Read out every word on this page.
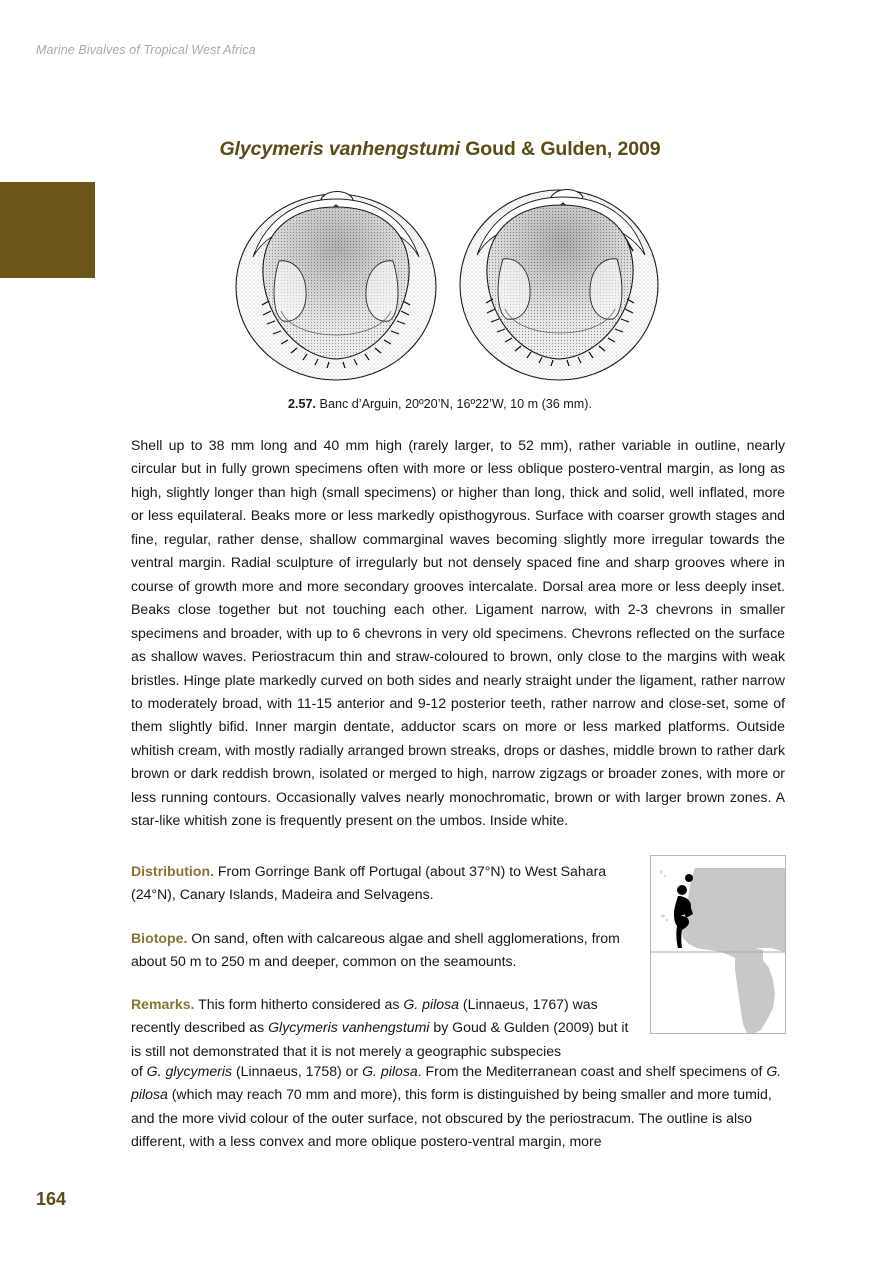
Marine Bivalves of Tropical West Africa
Glycymeris vanhengstumi Goud & Gulden, 2009
2.57. Banc d’Arguin, 20º20’N, 16º22’W, 10 m (36 mm).
Shell up to 38 mm long and 40 mm high (rarely larger, to 52 mm), rather variable in outline, nearly circular but in fully grown specimens often with more or less oblique postero-ventral margin, as long as high, slightly longer than high (small specimens) or higher than long, thick and solid, well inflated, more or less equilateral. Beaks more or less markedly opisthogyrous. Surface with coarser growth stages and fine, regular, rather dense, shallow commarginal waves becoming slightly more irregular towards the ventral margin. Radial sculpture of irregularly but not densely spaced fine and sharp grooves where in course of growth more and more secondary grooves intercalate. Dorsal area more or less deeply inset. Beaks close together but not touching each other. Ligament narrow, with 2-3 chevrons in smaller specimens and broader, with up to 6 chevrons in very old specimens. Chevrons reflected on the surface as shallow waves. Periostracum thin and straw-coloured to brown, only close to the margins with weak bristles. Hinge plate markedly curved on both sides and nearly straight under the ligament, rather narrow to moderately broad, with 11-15 anterior and 9-12 posterior teeth, rather narrow and close-set, some of them slightly bifid. Inner margin dentate, adductor scars on more or less marked platforms. Outside whitish cream, with mostly radially arranged brown streaks, drops or dashes, middle brown to rather dark brown or dark reddish brown, isolated or merged to high, narrow zigzags or broader zones, with more or less running contours. Occasionally valves nearly monochromatic, brown or with larger brown zones. A star-like whitish zone is frequently present on the umbos. Inside white.
Distribution. From Gorringe Bank off Portugal (about 37°N) to West Sahara (24°N), Canary Islands, Madeira and Selvagens.
Biotope. On sand, often with calcareous algae and shell agglomerations, from about 50 m to 250 m and deeper, common on the seamounts.
Remarks. This form hitherto considered as G. pilosa (Linnaeus, 1767) was recently described as Glycymeris vanhengstumi by Goud & Gulden (2009) but it is still not demonstrated that it is not merely a geographic subspecies
of G. glycymeris (Linnaeus, 1758) or G. pilosa. From the Mediterranean coast and shelf specimens of G. pilosa (which may reach 70 mm and more), this form is distinguished by being smaller and more tumid, and the more vivid colour of the outer surface, not obscured by the periostracum. The outline is also different, with a less convex and more oblique postero-ventral margin, more
164
